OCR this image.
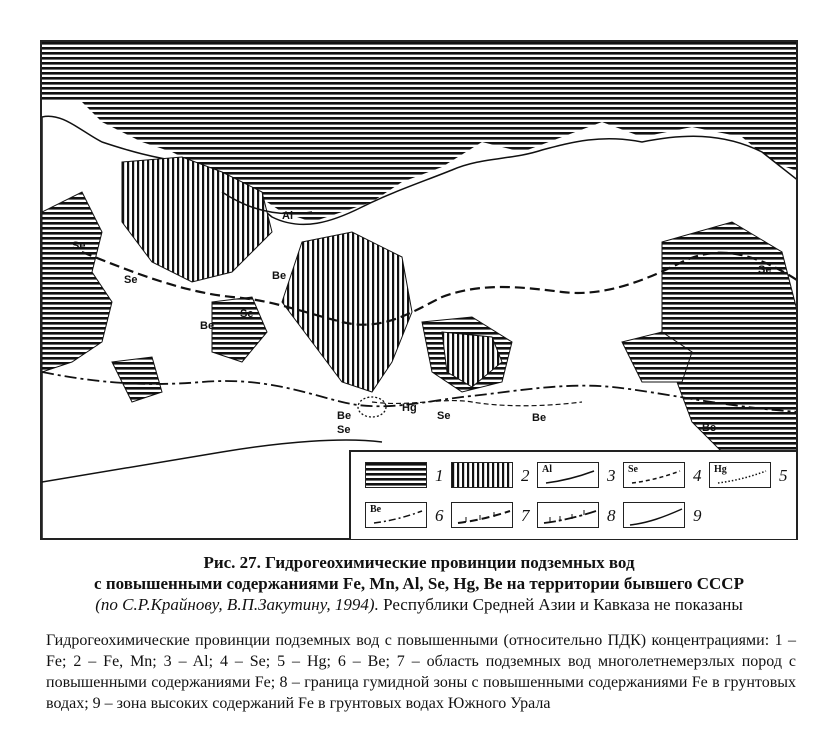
Al
Se
Se
Se
Be
Be
Be
Se
Hg
Se	Be
Se
Be
1	2 Al	3 Se	4 Hg	5
Be	6	7	8	9
Рис. 27. Гидрогеохимические провинции подземных вод
с повышенными содержаниями Fe, Mn, Al, Se, Hg, Be на территории бывшего СССР
(по С.Р.Крайнову, В.П.Закутину, 1994). Республики Средней Азии и Кавказа не показаны
Гидрогеохимические провинции подземных вод с повышенными (относительно ПДК) концентрациями: 1 – Fe; 2 – Fe, Mn; 3 – Al; 4 – Se; 5 – Hg; 6 – Be; 7 – область подземных вод многолетнемерзлых пород с повышенными содержаниями Fe; 8 – граница гумидной зоны с повышенными содержаниями Fe в грунтовых водах; 9 – зона высоких содержаний Fe в грунтовых водах Южного Урала
